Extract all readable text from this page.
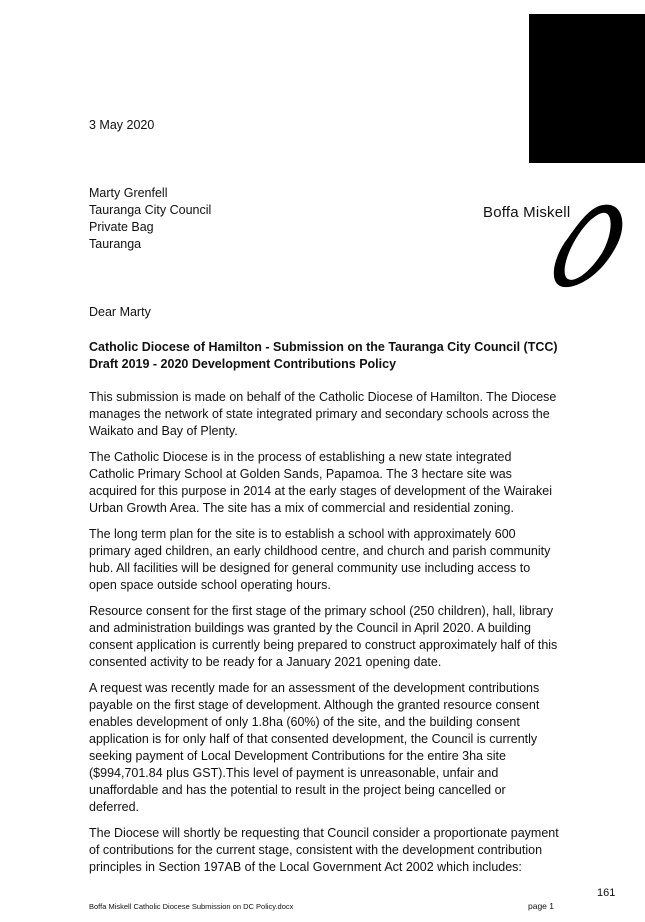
3 May 2020
Marty Grenfell
Tauranga City Council
Private Bag
Tauranga
Boffa Miskell
Dear Marty
Catholic Diocese of Hamilton - Submission on the Tauranga City Council (TCC)
Draft 2019 - 2020 Development Contributions Policy

This submission is made on behalf of the Catholic Diocese of Hamilton. The Diocese manages the network of state integrated primary and secondary schools across the Waikato and Bay of Plenty.

The Catholic Diocese is in the process of establishing a new state integrated Catholic Primary School at Golden Sands, Papamoa. The 3 hectare site was acquired for this purpose in 2014 at the early stages of development of the Wairakei Urban Growth Area. The site has a mix of commercial and residential zoning.

The long term plan for the site is to establish a school with approximately 600 primary aged children, an early childhood centre, and church and parish community hub. All facilities will be designed for general community use including access to open space outside school operating hours.

Resource consent for the first stage of the primary school (250 children), hall, library and administration buildings was granted by the Council in April 2020. A building consent application is currently being prepared to construct approximately half of this consented activity to be ready for a January 2021 opening date.

A request was recently made for an assessment of the development contributions payable on the first stage of development. Although the granted resource consent enables development of only 1.8ha (60%) of the site, and the building consent application is for only half of that consented development, the Council is currently seeking payment of Local Development Contributions for the entire 3ha site ($994,701.84 plus GST).This level of payment is unreasonable, unfair and unaffordable and has the potential to result in the project being cancelled or deferred.

The Diocese will shortly be requesting that Council consider a proportionate payment of contributions for the current stage, consistent with the development contribution principles in Section 197AB of the Local Government Act 2002 which includes:

161
Boffa Miskell Catholic Diocese Submission on DC Policy.docx	page 1
